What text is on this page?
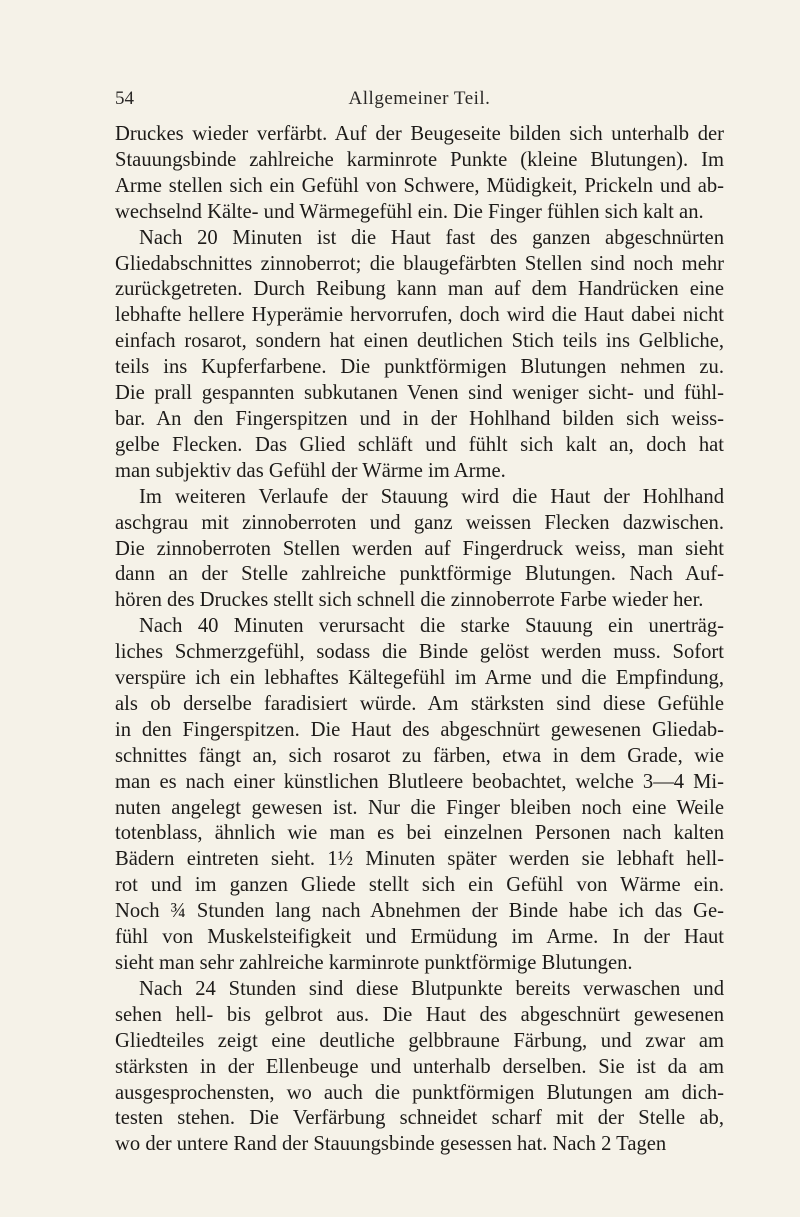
54	Allgemeiner Teil.

Druckes wieder verfärbt. Auf der Beugeseite bilden sich unterhalb der
Stauungsbinde zahlreiche karminrote Punkte (kleine Blutungen). Im
Arme stellen sich ein Gefühl von Schwere, Müdigkeit, Prickeln und ab-
wechselnd Kälte- und Wärmegefühl ein. Die Finger fühlen sich kalt an.

Nach 20 Minuten ist die Haut fast des ganzen abgeschnürten
Gliedabschnittes zinnoberrot; die blaugefärbten Stellen sind noch mehr
zurückgetreten. Durch Reibung kann man auf dem Handrücken eine
lebhafte hellere Hyperämie hervorrufen, doch wird die Haut dabei nicht
einfach rosarot, sondern hat einen deutlichen Stich teils ins Gelbliche,
teils ins Kupferfarbene. Die punktförmigen Blutungen nehmen zu.
Die prall gespannten subkutanen Venen sind weniger sicht- und fühl-
bar. An den Fingerspitzen und in der Hohlhand bilden sich weiss-
gelbe Flecken. Das Glied schläft und fühlt sich kalt an, doch hat
man subjektiv das Gefühl der Wärme im Arme.

Im weiteren Verlaufe der Stauung wird die Haut der Hohlhand
aschgrau mit zinnoberroten und ganz weissen Flecken dazwischen.
Die zinnoberroten Stellen werden auf Fingerdruck weiss, man sieht
dann an der Stelle zahlreiche punktförmige Blutungen. Nach Auf-
hören des Druckes stellt sich schnell die zinnoberrote Farbe wieder her.

Nach 40 Minuten verursacht die starke Stauung ein unerträg-
liches Schmerzgefühl, sodass die Binde gelöst werden muss. Sofort
verspüre ich ein lebhaftes Kältegefühl im Arme und die Empfindung,
als ob derselbe faradisiert würde. Am stärksten sind diese Gefühle
in den Fingerspitzen. Die Haut des abgeschnürt gewesenen Gliedab-
schnittes fängt an, sich rosarot zu färben, etwa in dem Grade, wie
man es nach einer künstlichen Blutleere beobachtet, welche 3—4 Mi-
nuten angelegt gewesen ist. Nur die Finger bleiben noch eine Weile
totenblass, ähnlich wie man es bei einzelnen Personen nach kalten
Bädern eintreten sieht. 1½ Minuten später werden sie lebhaft hell-
rot und im ganzen Gliede stellt sich ein Gefühl von Wärme ein.
Noch ¾ Stunden lang nach Abnehmen der Binde habe ich das Ge-
fühl von Muskelsteifigkeit und Ermüdung im Arme. In der Haut
sieht man sehr zahlreiche karminrote punktförmige Blutungen.

Nach 24 Stunden sind diese Blutpunkte bereits verwaschen und
sehen hell- bis gelbrot aus. Die Haut des abgeschnürt gewesenen
Gliedteiles zeigt eine deutliche gelbbraune Färbung, und zwar am
stärksten in der Ellenbeuge und unterhalb derselben. Sie ist da am
ausgesprochensten, wo auch die punktförmigen Blutungen am dich-
testen stehen. Die Verfärbung schneidet scharf mit der Stelle ab,
wo der untere Rand der Stauungsbinde gesessen hat. Nach 2 Tagen
